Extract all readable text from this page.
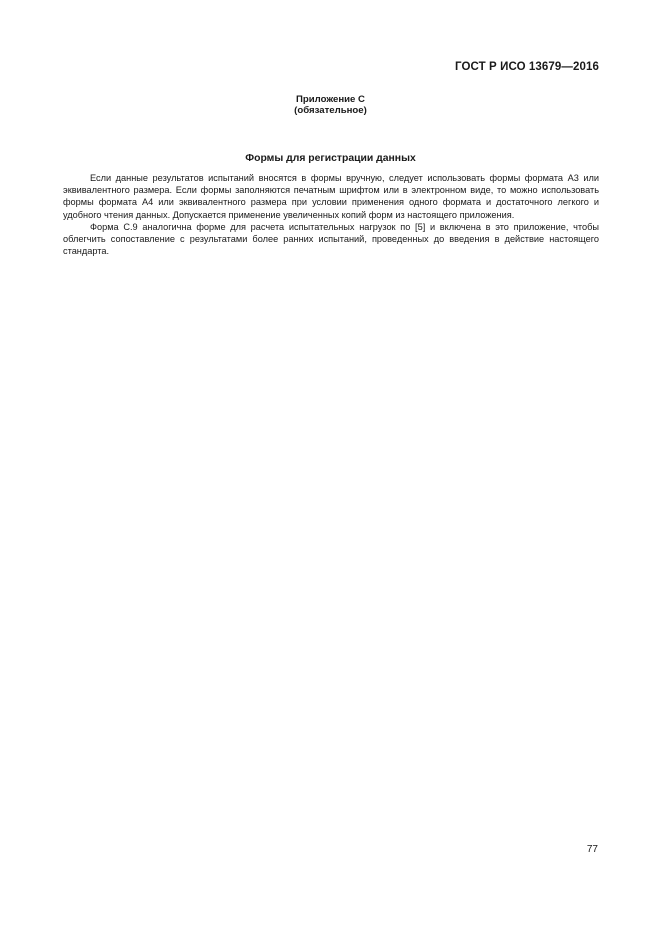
ГОСТ Р ИСО 13679—2016
Приложение С
(обязательное)
Формы для регистрации данных

Если данные результатов испытаний вносятся в формы вручную, следует использовать формы формата А3 или эквивалентного размера. Если формы заполняются печатным шрифтом или в электронном виде, то можно использовать формы формата А4 или эквивалентного размера при условии применения одного формата и достаточного легкого и удобного чтения данных. Допускается применение увеличенных копий форм из настоящего приложения.

Форма С.9 аналогична форме для расчета испытательных нагрузок по [5] и включена в это приложение, чтобы облегчить сопоставление с результатами более ранних испытаний, проведенных до введения в действие настоящего стандарта.

77
